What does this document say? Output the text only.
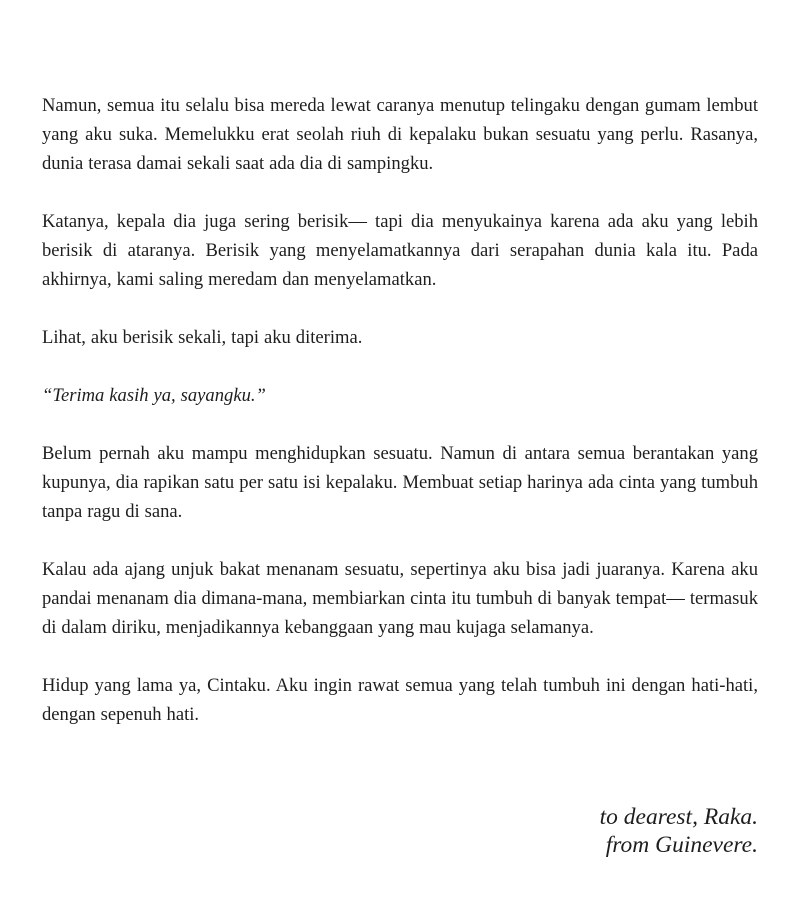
Namun, semua itu selalu bisa mereda lewat caranya menutup telingaku dengan gumam lembut yang aku suka. Memelukku erat seolah riuh di kepalaku bukan sesuatu yang perlu. Rasanya, dunia terasa damai sekali saat ada dia di sampingku.

Katanya, kepala dia juga sering berisik— tapi dia menyukainya karena ada aku yang lebih berisik di ataranya. Berisik yang menyelamatkannya dari serapahan dunia kala itu. Pada akhirnya, kami saling meredam dan menyelamatkan.

Lihat, aku berisik sekali, tapi aku diterima.

“Terima kasih ya, sayangku.”

Belum pernah aku mampu menghidupkan sesuatu. Namun di antara semua berantakan yang kupunya, dia rapikan satu per satu isi kepalaku. Membuat setiap harinya ada cinta yang tumbuh tanpa ragu di sana.

Kalau ada ajang unjuk bakat menanam sesuatu, sepertinya aku bisa jadi juaranya. Karena aku pandai menanam dia dimana-mana, membiarkan cinta itu tumbuh di banyak tempat— termasuk di dalam diriku, menjadikannya kebanggaan yang mau kujaga selamanya.

Hidup yang lama ya, Cintaku. Aku ingin rawat semua yang telah tumbuh ini dengan hati-hati, dengan sepenuh hati.

to dearest, Raka.
from Guinevere.
